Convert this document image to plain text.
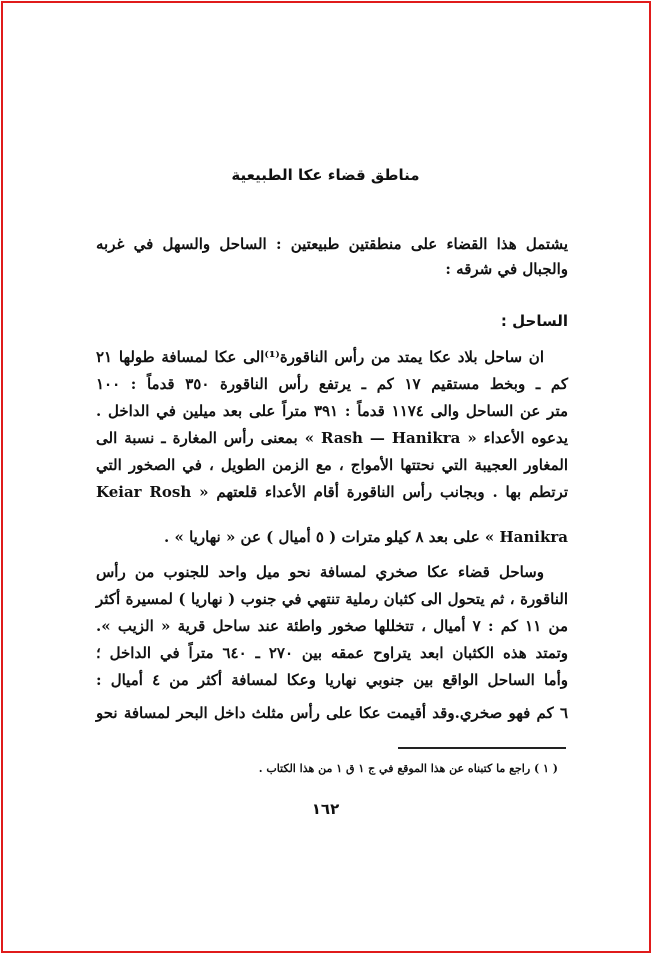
مناطق قضاء عكا الطبيعية
يشتمل هذا القضاء على منطقتين طبيعتين : الساحل والسهل في غربه
والجبال في شرقه :
الساحل :
ان ساحل بلاد عكا يمتد من رأس الناقورة⁽¹⁾الى عكا لمسافة طولها ٢١
كم ـ وبخط مستقيم ١٧ كم ـ يرتفع رأس الناقورة ٣٥٠ قدماً : ١٠٠
متر عن الساحل والى ١١٧٤ قدماً : ٣٩١ متراً على بعد ميلين في الداخل .
يدعوه الأعداء « Rash — Hanikra » بمعنى رأس المغارة ـ نسبة الى
المغاور العجيبة التي نحتتها الأمواج ، مع الزمن الطويل ، في الصخور التي
ترتطم بها . وبجانب رأس الناقورة أقام الأعداء قلعتهم « Keiar Rosh
Hanikra » على بعد ٨ كيلو مترات ( ٥ أميال ) عن « نهاريا » .
وساحل قضاء عكا صخري لمسافة نحو ميل واحد للجنوب من رأس
الناقورة ، ثم يتحول الى كثبان رملية تنتهي في جنوب ( نهاريا ) لمسيرة أكثر
من ١١ كم : ٧ أميال ، تتخللها صخور واطئة عند ساحل قرية « الزيب ».
وتمتد هذه الكثبان ابعد يتراوح عمقه بين ٢٧٠ ـ ٦٤٠ متراً في الداخل ؛
وأما الساحل الواقع بين جنوبي نهاريا وعكا لمسافة أكثر من ٤ أميال :
٦ كم فهو صخري.وقد أقيمت عكا على رأس مثلث داخل البحر لمسافة نحو
( ١ ) راجع ما كتبناه عن هذا الموقع في ج ١ ق ١ من هذا الكتاب .
١٦٢
